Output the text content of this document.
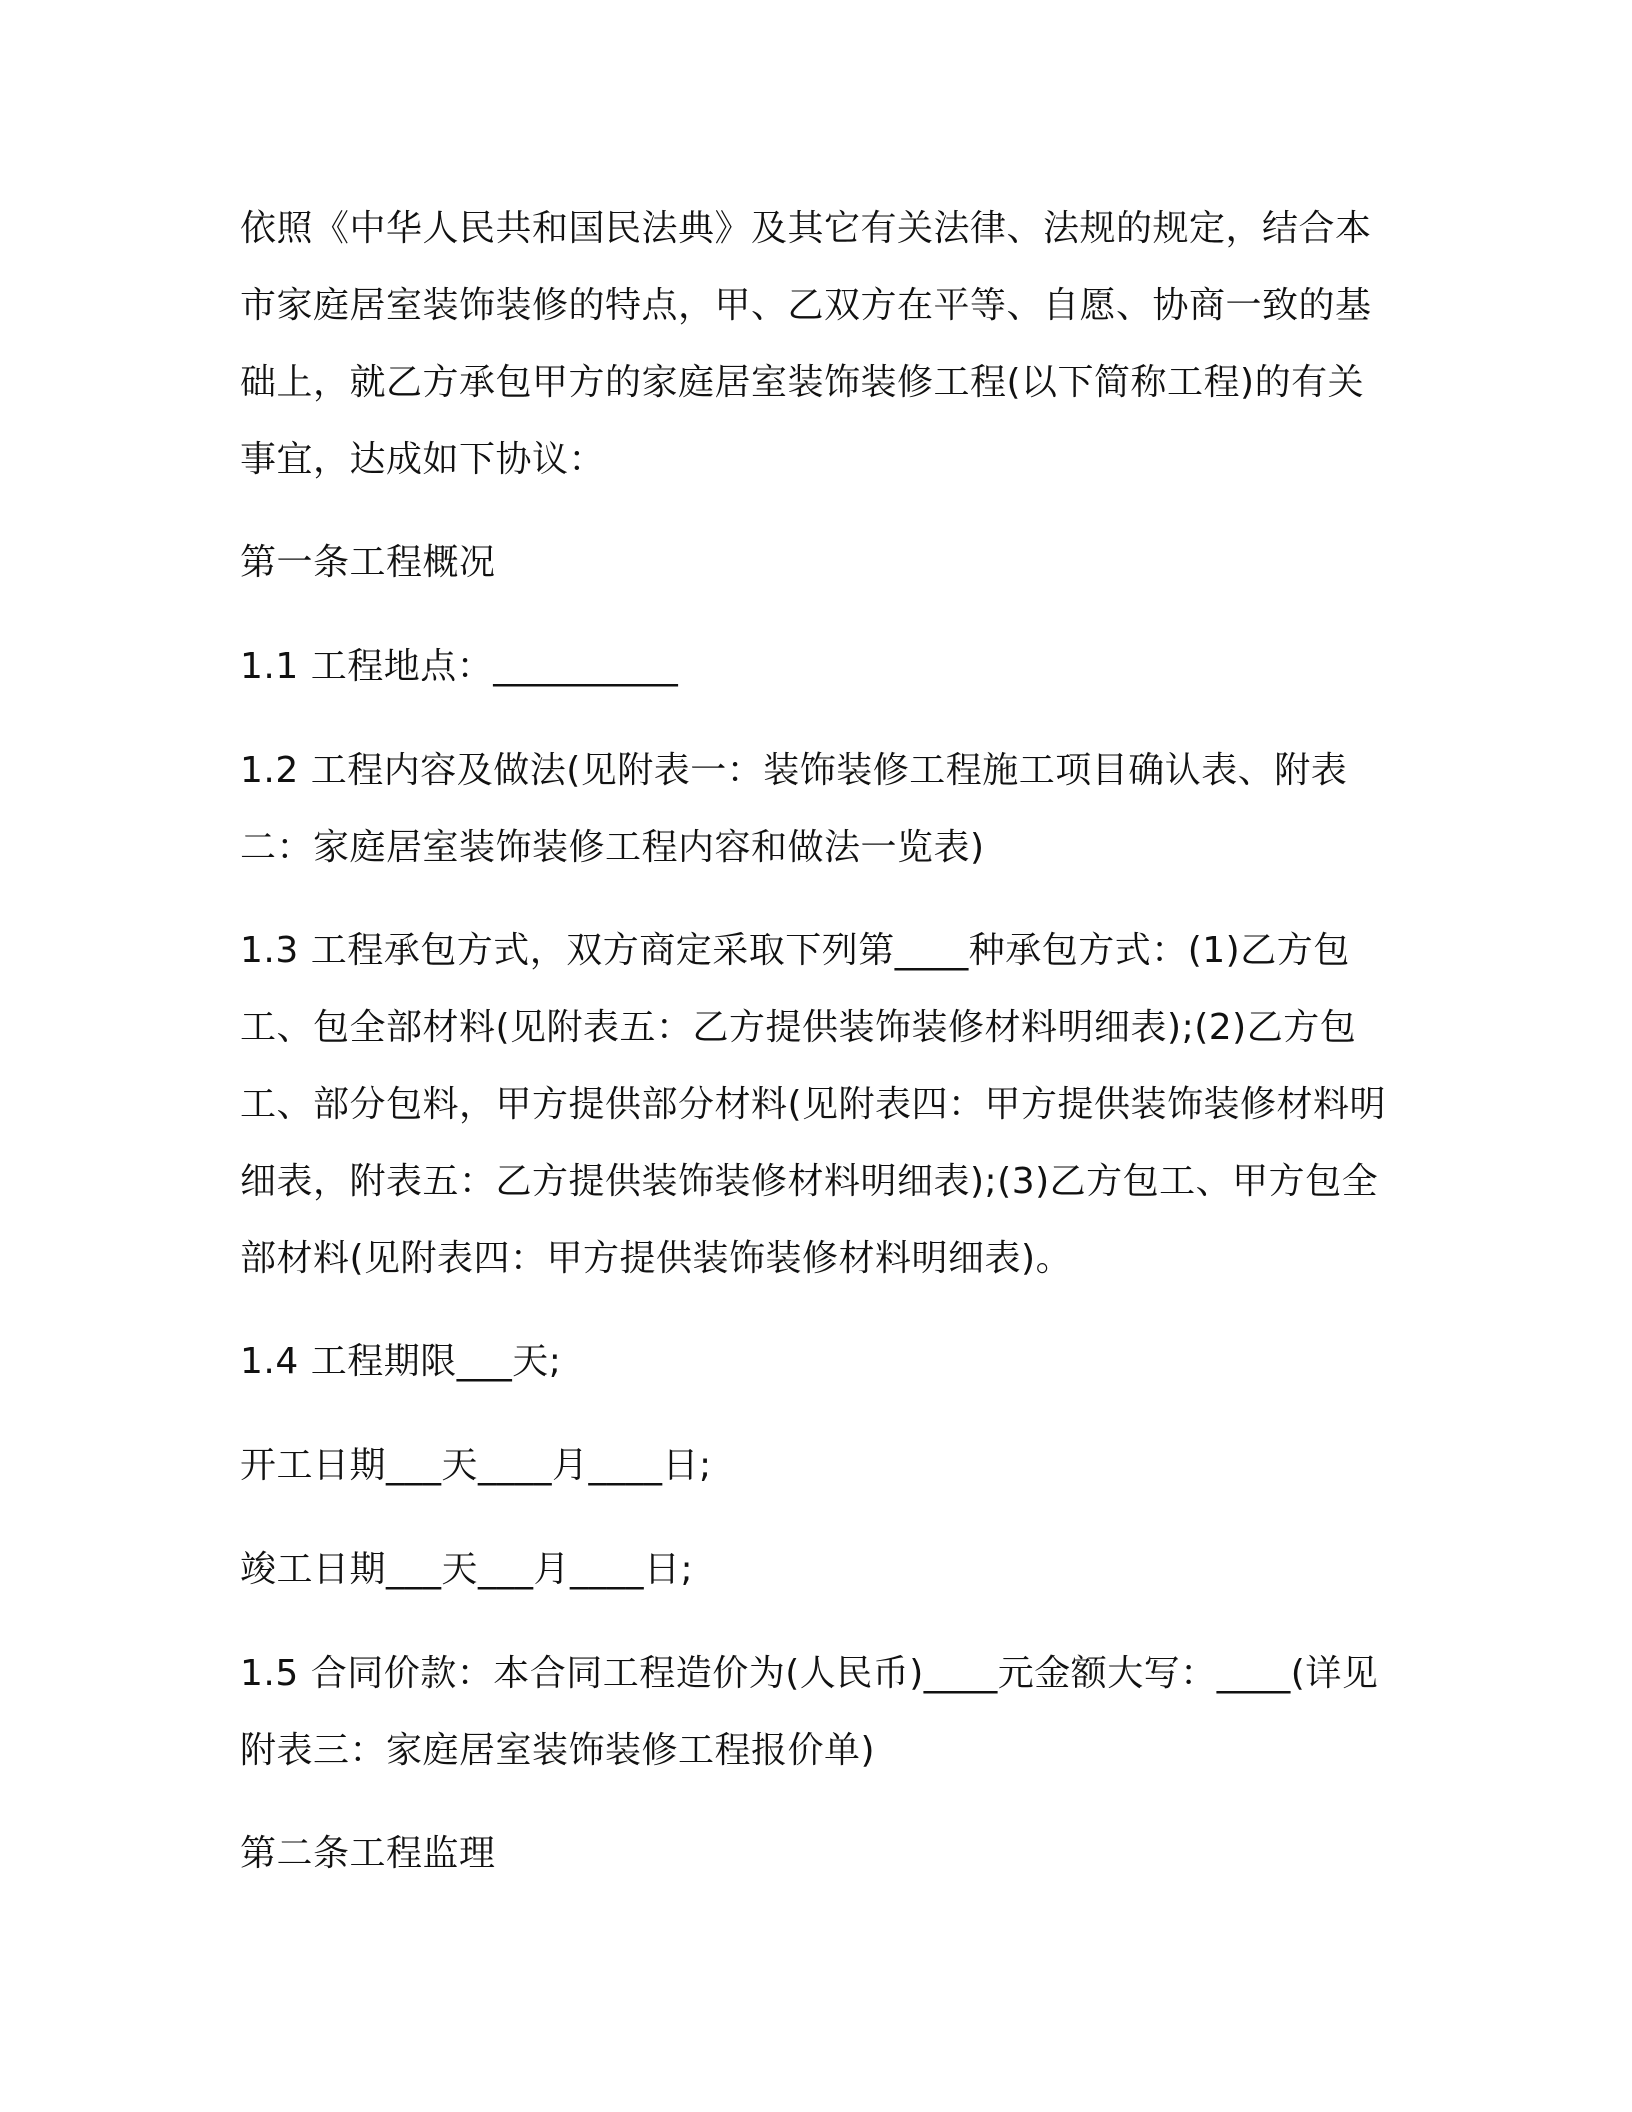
依照《中华人民共和国民法典》及其它有关法律、法规的规定，结合本市家庭居室装饰装修的特点，甲、乙双方在平等、自愿、协商一致的基础上，就乙方承包甲方的家庭居室装饰装修工程(以下简称工程)的有关事宜，达成如下协议：

第一条工程概况

1.1 工程地点：__________

1.2 工程内容及做法(见附表一：装饰装修工程施工项目确认表、附表二：家庭居室装饰装修工程内容和做法一览表)

1.3 工程承包方式，双方商定采取下列第____种承包方式：(1)乙方包工、包全部材料(见附表五：乙方提供装饰装修材料明细表);(2)乙方包工、部分包料，甲方提供部分材料(见附表四：甲方提供装饰装修材料明细表，附表五：乙方提供装饰装修材料明细表);(3)乙方包工、甲方包全部材料(见附表四：甲方提供装饰装修材料明细表)。

1.4 工程期限___天;

开工日期___天____月____日;

竣工日期___天___月____日;

1.5 合同价款：本合同工程造价为(人民币)____元金额大写：____(详见附表三：家庭居室装饰装修工程报价单)

第二条工程监理
